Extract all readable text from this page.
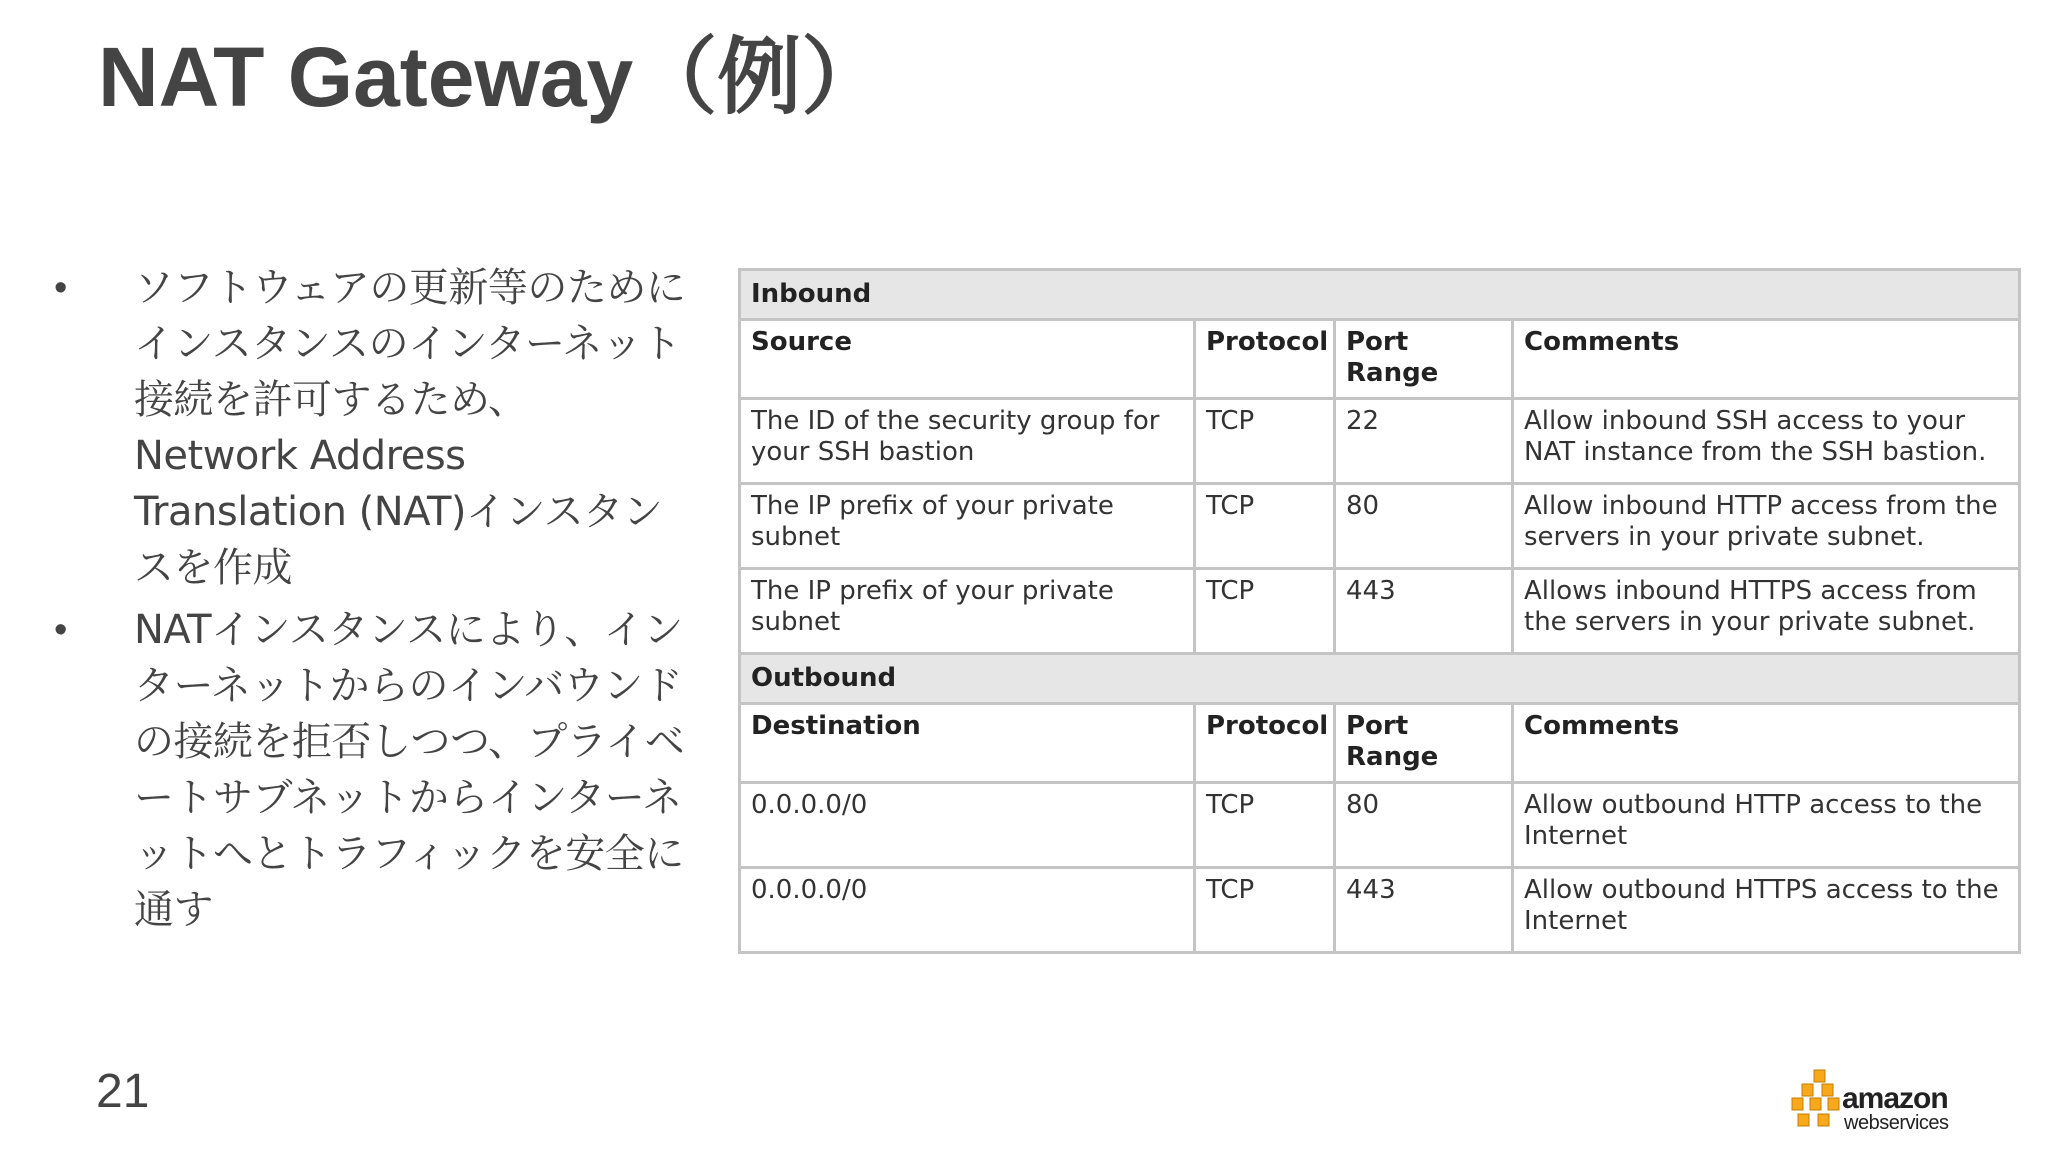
NAT Gateway（例）
• ソフトウェアの更新等のためにインスタンスのインターネット接続を許可するため、Network Address Translation (NAT)インスタンスを作成
• NATインスタンスにより、インターネットからのインバウンドの接続を拒否しつつ、プライベートサブネットからインターネットへとトラフィックを安全に通す
Inbound			
Source	Protocol	Port Range	Comments
The ID of the security group for your SSH bastion	TCP	22	Allow inbound SSH access to your NAT instance from the SSH bastion.
The IP prefix of your private subnet	TCP	80	Allow inbound HTTP access from the servers in your private subnet.
The IP prefix of your private subnet	TCP	443	Allows inbound HTTPS access from the servers in your private subnet.
Outbound			
Destination	Protocol	Port Range	Comments
0.0.0.0/0	TCP	80	Allow outbound HTTP access to the Internet
0.0.0.0/0	TCP	443	Allow outbound HTTPS access to the Internet
21	amazon
webservices
